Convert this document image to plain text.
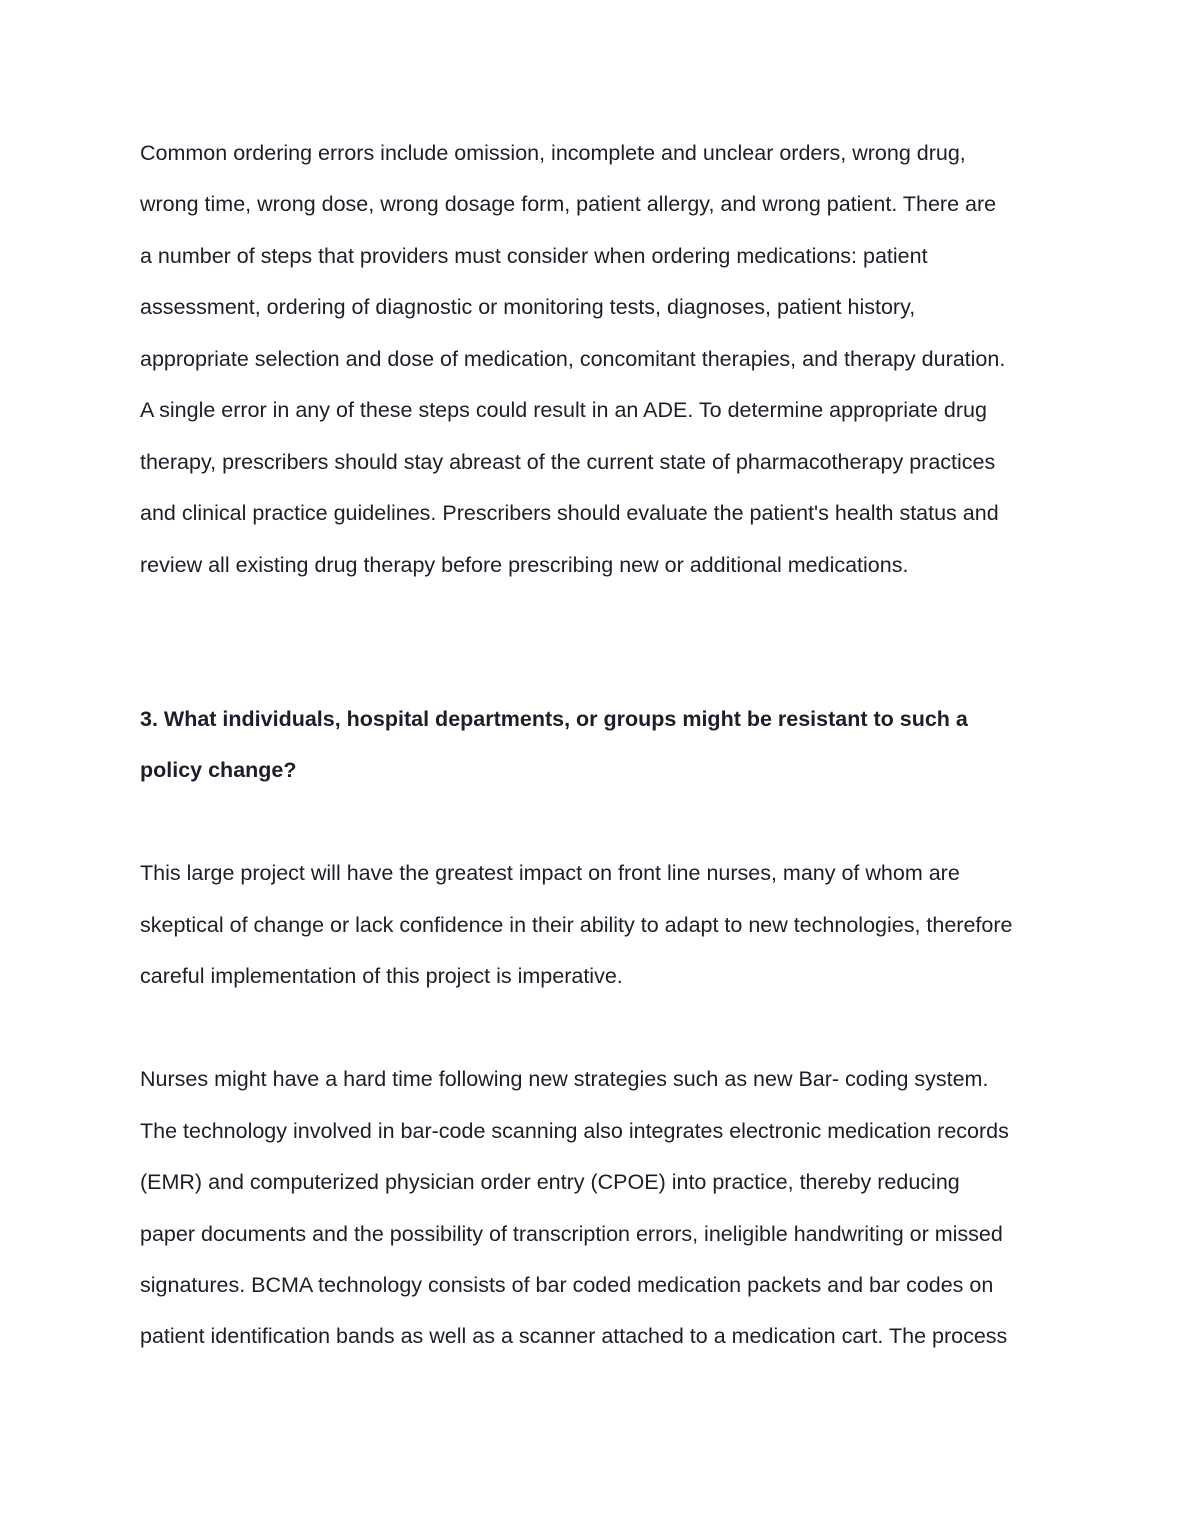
Common ordering errors include omission, incomplete and unclear orders, wrong drug,

wrong time, wrong dose, wrong dosage form, patient allergy, and wrong patient. There are

a number of steps that providers must consider when ordering medications: patient

assessment, ordering of diagnostic or monitoring tests, diagnoses, patient history,

appropriate selection and dose of medication, concomitant therapies, and therapy duration.

A single error in any of these steps could result in an ADE. To determine appropriate drug

therapy, prescribers should stay abreast of the current state of pharmacotherapy practices

and clinical practice guidelines. Prescribers should evaluate the patient's health status and

review all existing drug therapy before prescribing new or additional medications.

3. What individuals, hospital departments, or groups might be resistant to such a

policy change?

This large project will have the greatest impact on front line nurses, many of whom are

skeptical of change or lack confidence in their ability to adapt to new technologies, therefore

careful implementation of this project is imperative.

Nurses might have a hard time following new strategies such as new Bar- coding system.

The technology involved in bar-code scanning also integrates electronic medication records

(EMR) and computerized physician order entry (CPOE) into practice, thereby reducing

paper documents and the possibility of transcription errors, ineligible handwriting or missed

signatures. BCMA technology consists of bar coded medication packets and bar codes on

patient identification bands as well as a scanner attached to a medication cart. The process
